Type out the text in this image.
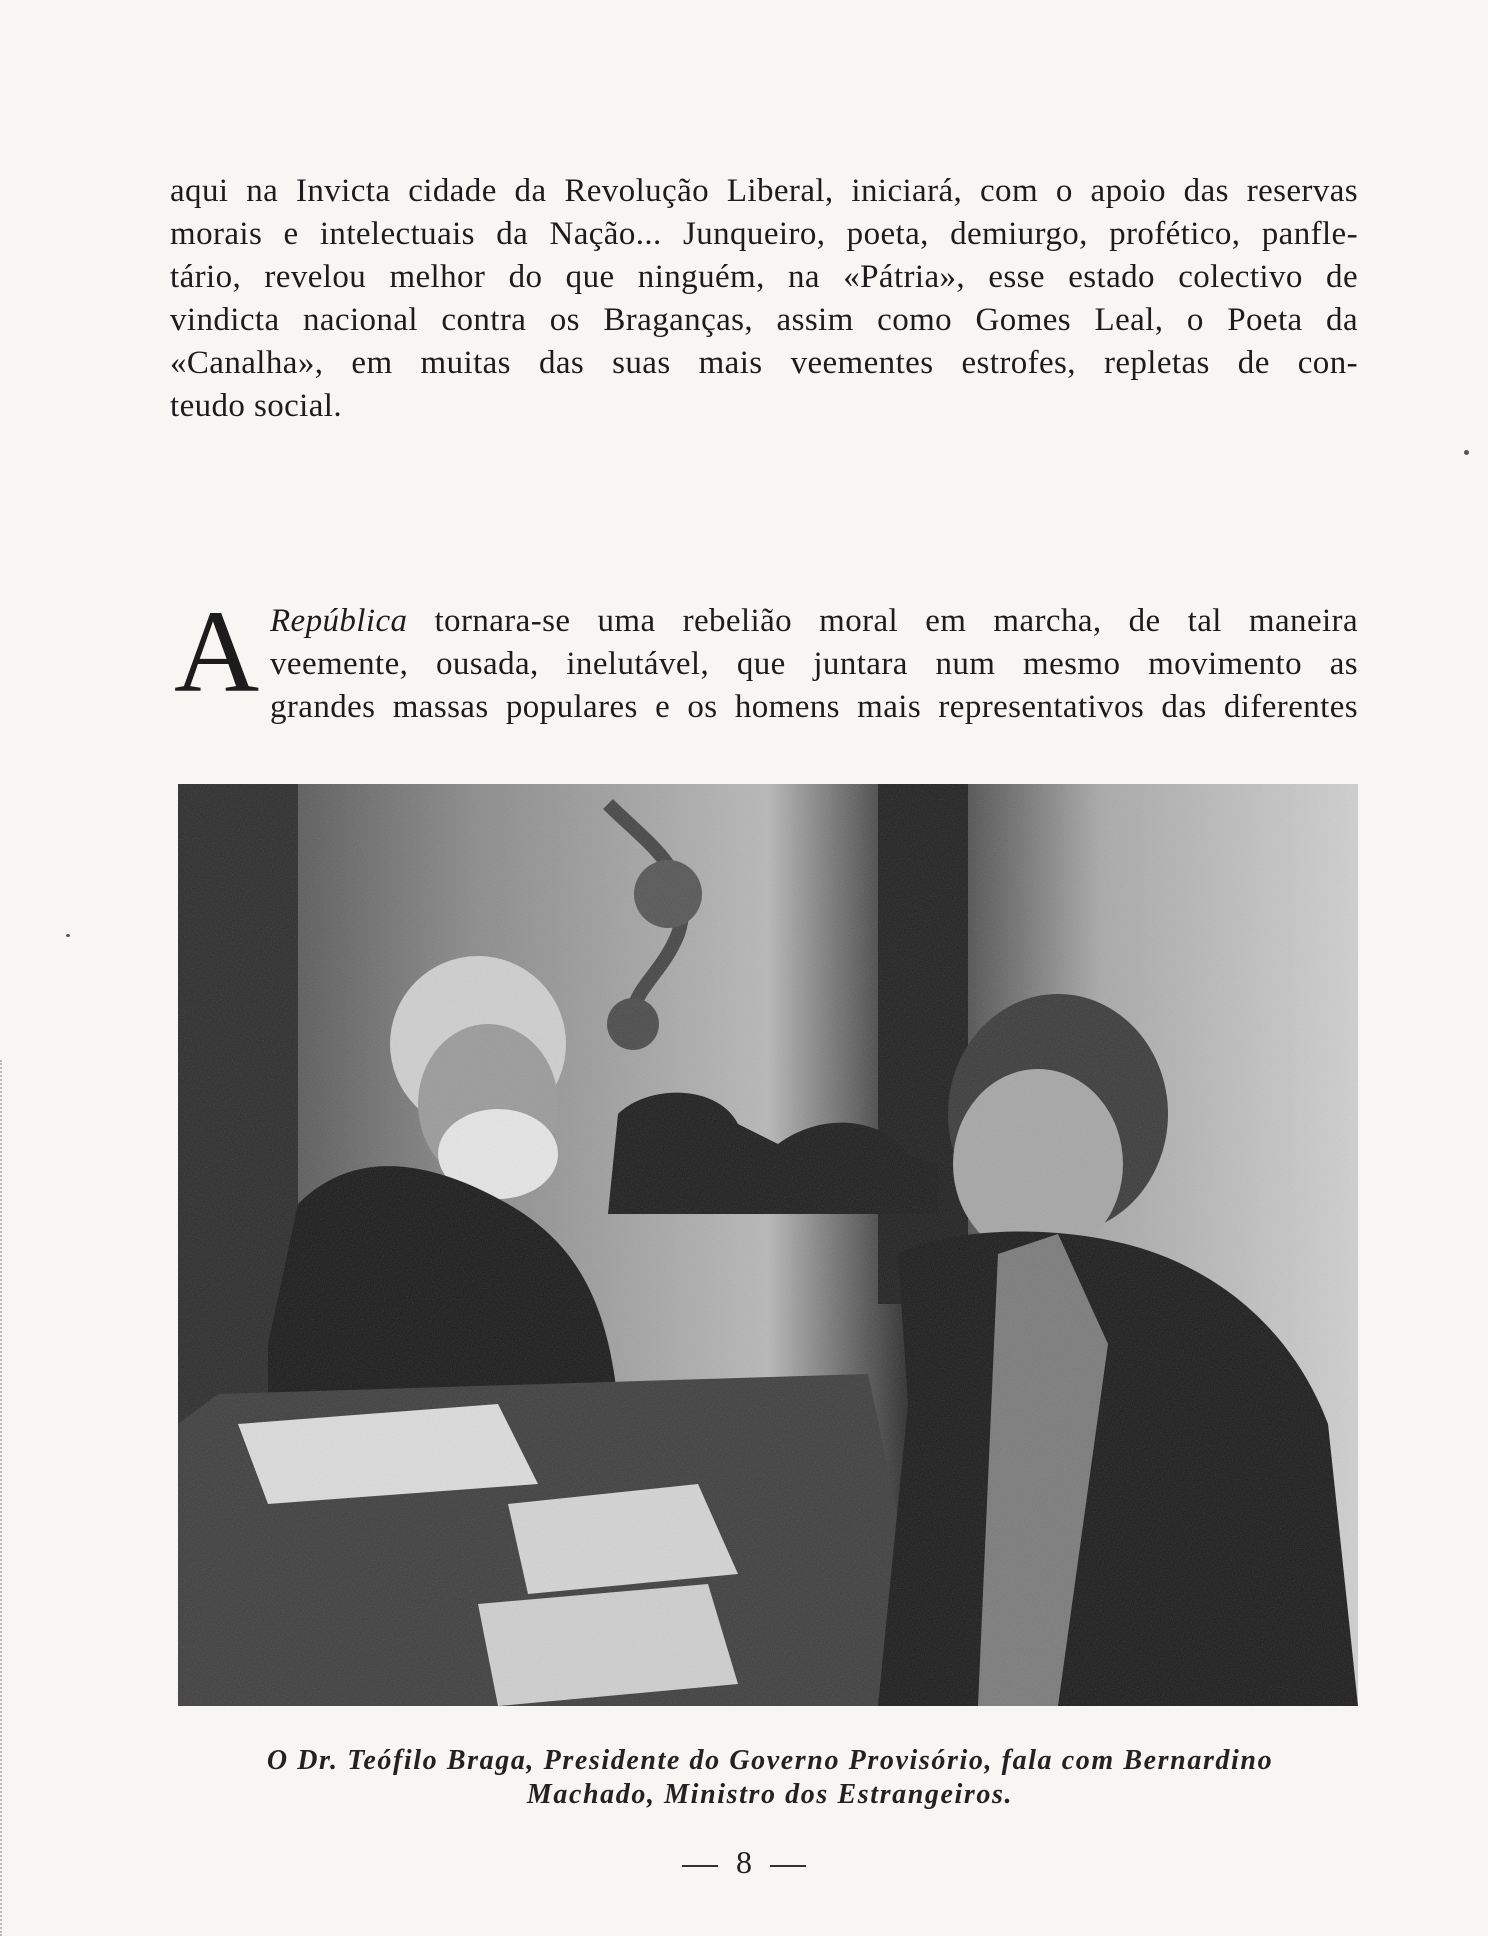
aqui na Invicta cidade da Revolução Liberal, iniciará, com o apoio das reservas
morais e intelectuais da Nação... Junqueiro, poeta, demiurgo, profético, panfle-
tário, revelou melhor do que ninguém, na «Pátria», esse estado colectivo de
vindicta nacional contra os Braganças, assim como Gomes Leal, o Poeta da
«Canalha», em muitas das suas mais veementes estrofes, repletas de con-
teudo social.
A República tornara-se uma rebelião moral em marcha, de tal maneira
veemente, ousada, inelutável, que juntara num mesmo movimento as
grandes massas populares e os homens mais representativos das diferentes
O Dr. Teófilo Braga, Presidente do Governo Provisório, fala com Bernardino
Machado, Ministro dos Estrangeiros.
8
